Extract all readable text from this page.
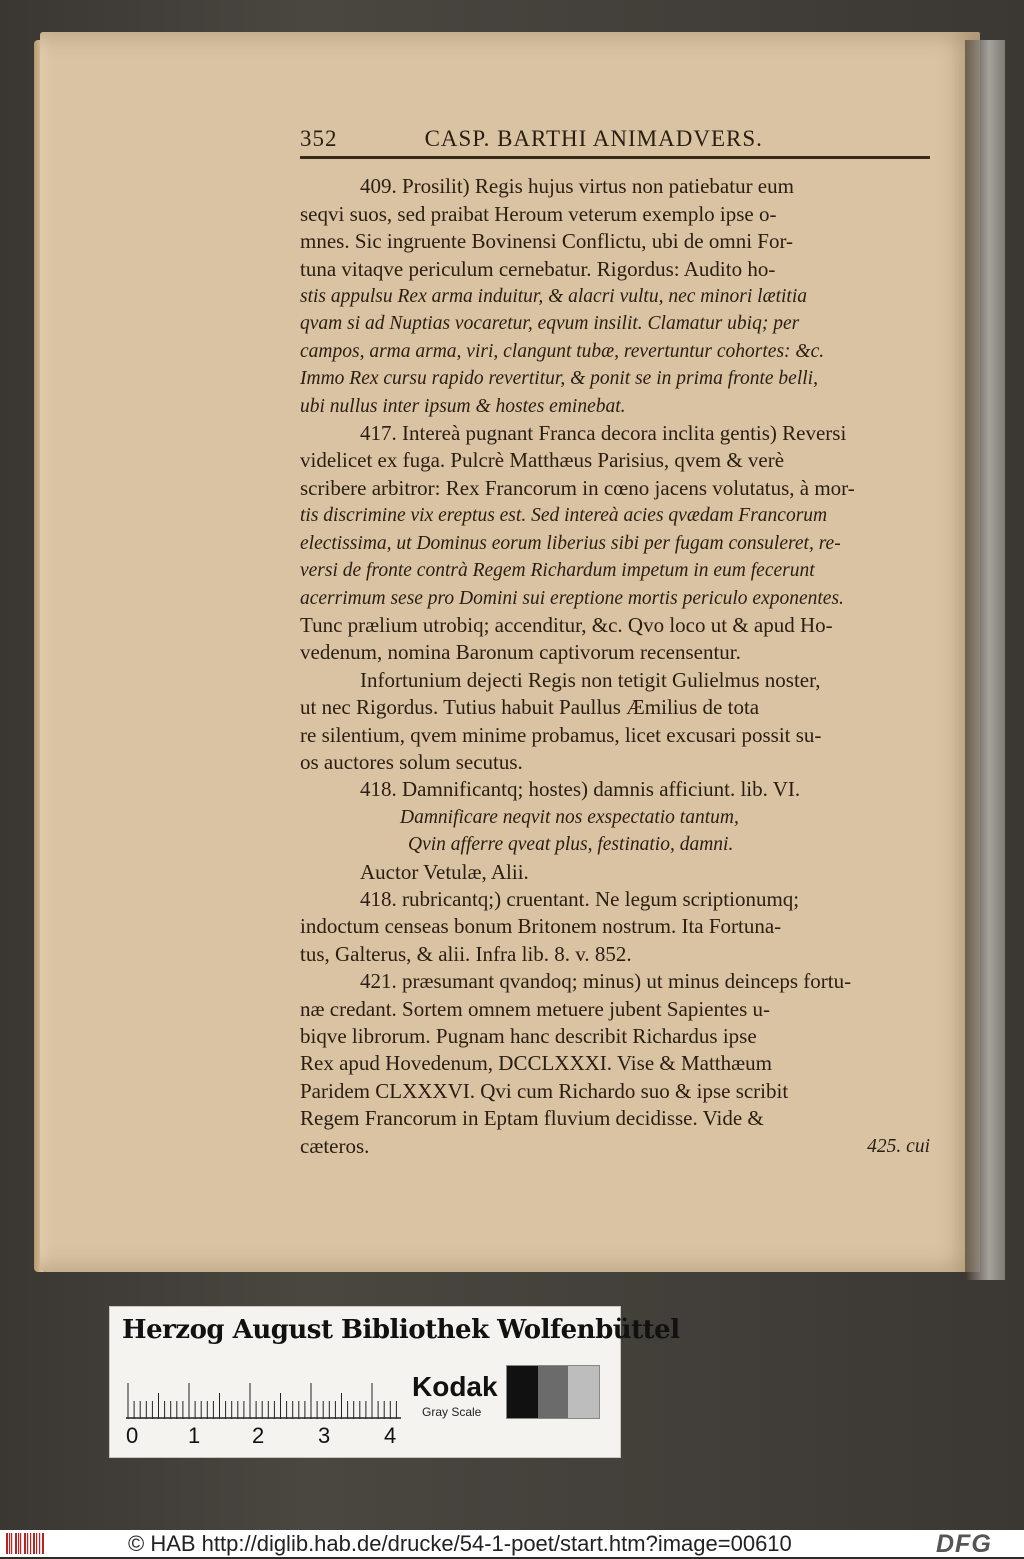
352	CASP. BARTHI ANIMADVERS.
409. Prosilit) Regis hujus virtus non patiebatur eum
seqvi suos, sed praibat Heroum veterum exemplo ipse o-
mnes. Sic ingruente Bovinensi Conflictu, ubi de omni For-
tuna vitaqve periculum cernebatur. Rigordus: Audito ho-
stis appulsu Rex arma induitur, & alacri vultu, nec minori lætitia
qvam si ad Nuptias vocaretur, eqvum insilit. Clamatur ubiq; per
campos, arma arma, viri, clangunt tubæ, revertuntur cohortes: &c.
Immo Rex cursu rapido revertitur, & ponit se in prima fronte belli,
ubi nullus inter ipsum & hostes eminebat.
417. Intereà pugnant Franca decora inclita gentis) Reversi
videlicet ex fuga. Pulcrè Matthæus Parisius, qvem & verè
scribere arbitror: Rex Francorum in cœno jacens volutatus, à mor-
tis discrimine vix ereptus est. Sed intereà acies qvædam Francorum
electissima, ut Dominus eorum liberius sibi per fugam consuleret, re-
versi de fronte contrà Regem Richardum impetum in eum fecerunt
acerrimum sese pro Domini sui ereptione mortis periculo exponentes.
Tunc prælium utrobiq; accenditur, &c. Qvo loco ut & apud Ho-
vedenum, nomina Baronum captivorum recensentur.
Infortunium dejecti Regis non tetigit Gulielmus noster,
ut nec Rigordus. Tutius habuit Paullus Æmilius de tota
re silentium, qvem minime probamus, licet excusari possit su-
os auctores solum secutus.
418. Damnificantq; hostes) damnis afficiunt. lib. VI.
Damnificare neqvit nos exspectatio tantum,
Qvin afferre qveat plus, festinatio, damni.
Auctor Vetulæ, Alii.
418. rubricantq;) cruentant. Ne legum scriptionumq;
indoctum censeas bonum Britonem nostrum. Ita Fortuna-
tus, Galterus, & alii. Infra lib. 8. v. 852.
421. præsumant qvandoq; minus) ut minus deinceps fortu-
næ credant. Sortem omnem metuere jubent Sapientes u-
biqve librorum. Pugnam hanc describit Richardus ipse
Rex apud Hovedenum, DCCLXXXI. Vise & Matthæum
Paridem CLXXXVI. Qvi cum Richardo suo & ipse scribit
Regem Francorum in Eptam fluvium decidisse. Vide &
cæteros.	425. cui
Herzog August Bibliothek Wolfenbüttel
0 1 2 3 4
Kodak
Gray Scale
© HAB http://diglib.hab.de/drucke/54-1-poet/start.htm?image=00610	DFG
